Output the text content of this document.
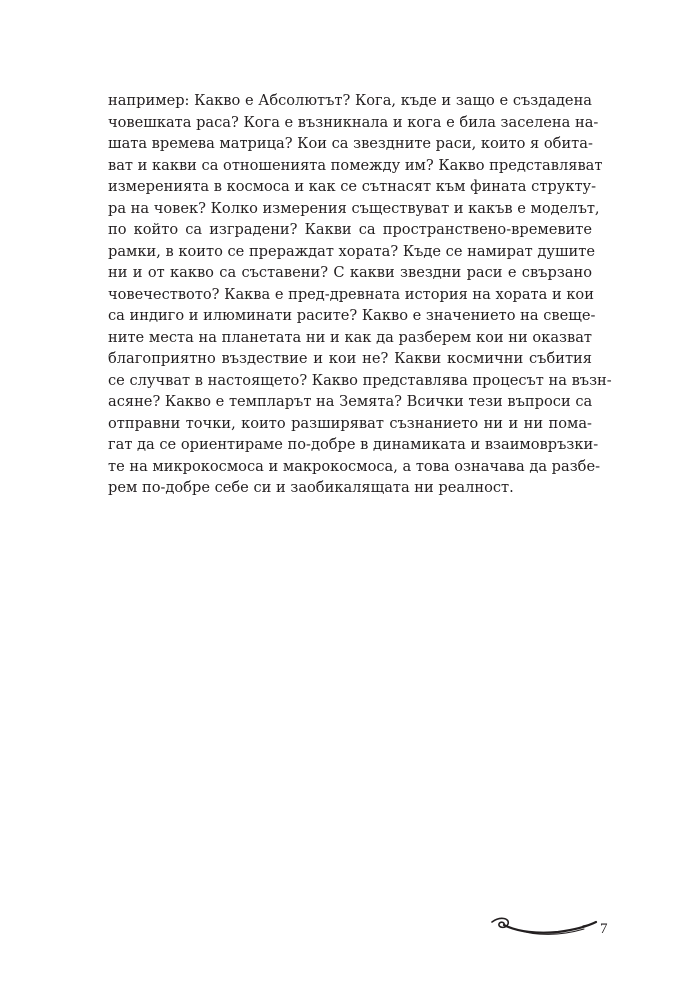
например: Какво е Абсолютът? Кога, къде и защо е създадена
човешката раса? Кога е възникнала и кога е била заселена на-
шата времева матрица? Кои са звездните раси, които я обита-
ват и какви са отношенията помежду им? Какво представляват
измеренията в космоса и как се сътнасят към фината структу-
ра на човек? Колко измерения съществуват и какъв е моделът,
по който са изградени? Какви са пространствено-времевите
рамки, в които се прераждат хората? Къде се намират душите
ни и от какво са съставени? С какви звездни раси е свързано
човечеството? Каква е пред-древната история на хората и кои
са индиго и илюминати расите? Какво е значението на свеще-
ните места на планетата ни и как да разберем кои ни оказват
благоприятно въздествие и кои не? Какви космични събития
се случват в настоящето? Какво представлява процесът на възн-
асяне? Какво е темпларът на Земята? Всички тези въпроси са
отправни точки, които разширяват съзнанието ни и ни пома-
гат да се ориентираме по-добре в динамиката и взаимовръзки-
те на микрокосмоса и макрокосмоса, а това означава да разбе-
рем по-добре себе си и заобикалящата ни реалност.
7
